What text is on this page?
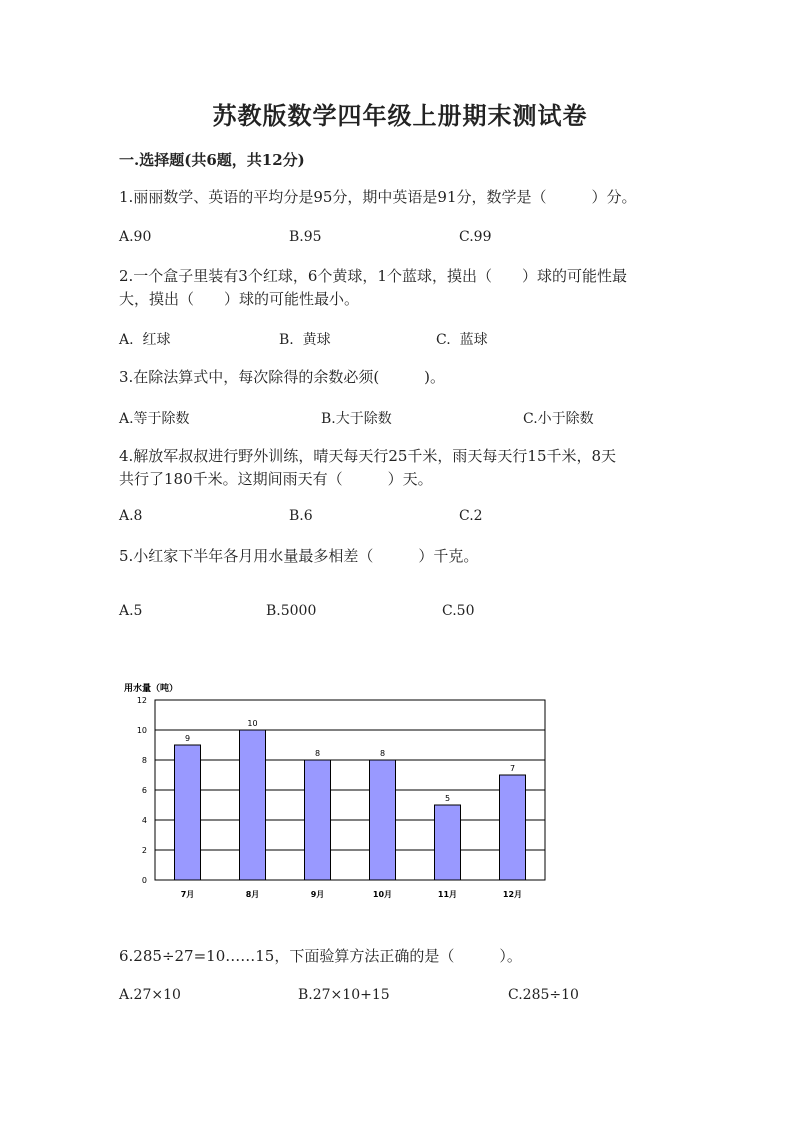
苏教版数学四年级上册期末测试卷
一.选择题(共6题，共12分)
1.丽丽数学、英语的平均分是95分，期中英语是91分，数学是（　　　）分。
A.90	B.95	C.99
2.一个盒子里装有3个红球，6个黄球，1个蓝球，摸出（　　）球的可能性最
大，摸出（　　）球的可能性最小。
A.  红球	B.  黄球	C.  蓝球
3.在除法算式中，每次除得的余数必须(　　　)。
A.等于除数	B.大于除数	C.小于除数
4.解放军叔叔进行野外训练，晴天每天行25千米，雨天每天行15千米，8天
共行了180千米。这期间雨天有（　　　）天。
A.8	B.6	C.2
5.小红家下半年各月用水量最多相差（　　　）千克。
A.5	B.5000	C.50
用水量（吨）
0
2
4
6
8
10
12
9
7月
10
8月
8
9月
8
10月
5
11月
7
12月
6.285÷27=10……15，下面验算方法正确的是（　　　）。
A.27×10	B.27×10+15	C.285÷10
